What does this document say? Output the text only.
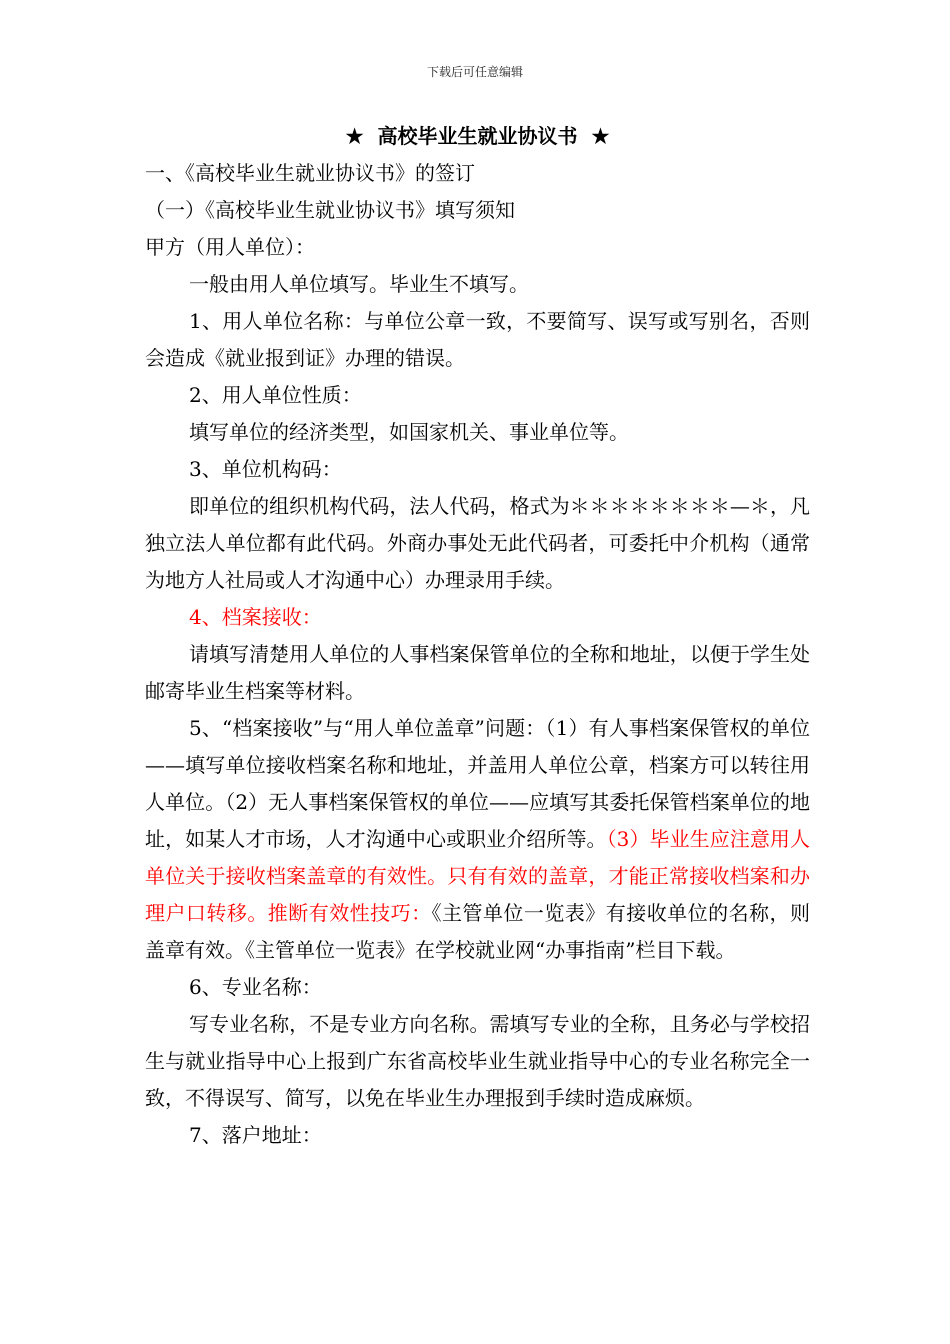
下载后可任意编辑
★ 高校毕业生就业协议书 ★
一、《高校毕业生就业协议书》的签订
（一）《高校毕业生就业协议书》填写须知
甲方（用人单位）：

一般由用人单位填写。毕业生不填写。

1、用人单位名称：与单位公章一致，不要简写、误写或写别名，否则会造成《就业报到证》办理的错误。

2、用人单位性质：

填写单位的经济类型，如国家机关、事业单位等。

3、单位机构码：

即单位的组织机构代码，法人代码，格式为＊＊＊＊＊＊＊＊—＊，凡独立法人单位都有此代码。外商办事处无此代码者，可委托中介机构（通常为地方人社局或人才沟通中心）办理录用手续。

4、档案接收：

请填写清楚用人单位的人事档案保管单位的全称和地址，以便于学生处邮寄毕业生档案等材料。

5、“档案接收”与“用人单位盖章”问题：（1）有人事档案保管权的单位——填写单位接收档案名称和地址，并盖用人单位公章，档案方可以转往用人单位。（2）无人事档案保管权的单位——应填写其委托保管档案单位的地址，如某人才市场，人才沟通中心或职业介绍所等。（3）毕业生应注意用人单位关于接收档案盖章的有效性。只有有效的盖章，才能正常接收档案和办理户口转移。推断有效性技巧：《主管单位一览表》有接收单位的名称，则盖章有效。《主管单位一览表》在学校就业网“办事指南”栏目下载。

6、专业名称：

写专业名称，不是专业方向名称。需填写专业的全称，且务必与学校招生与就业指导中心上报到广东省高校毕业生就业指导中心的专业名称完全一致，不得误写、简写，以免在毕业生办理报到手续时造成麻烦。

7、落户地址：
